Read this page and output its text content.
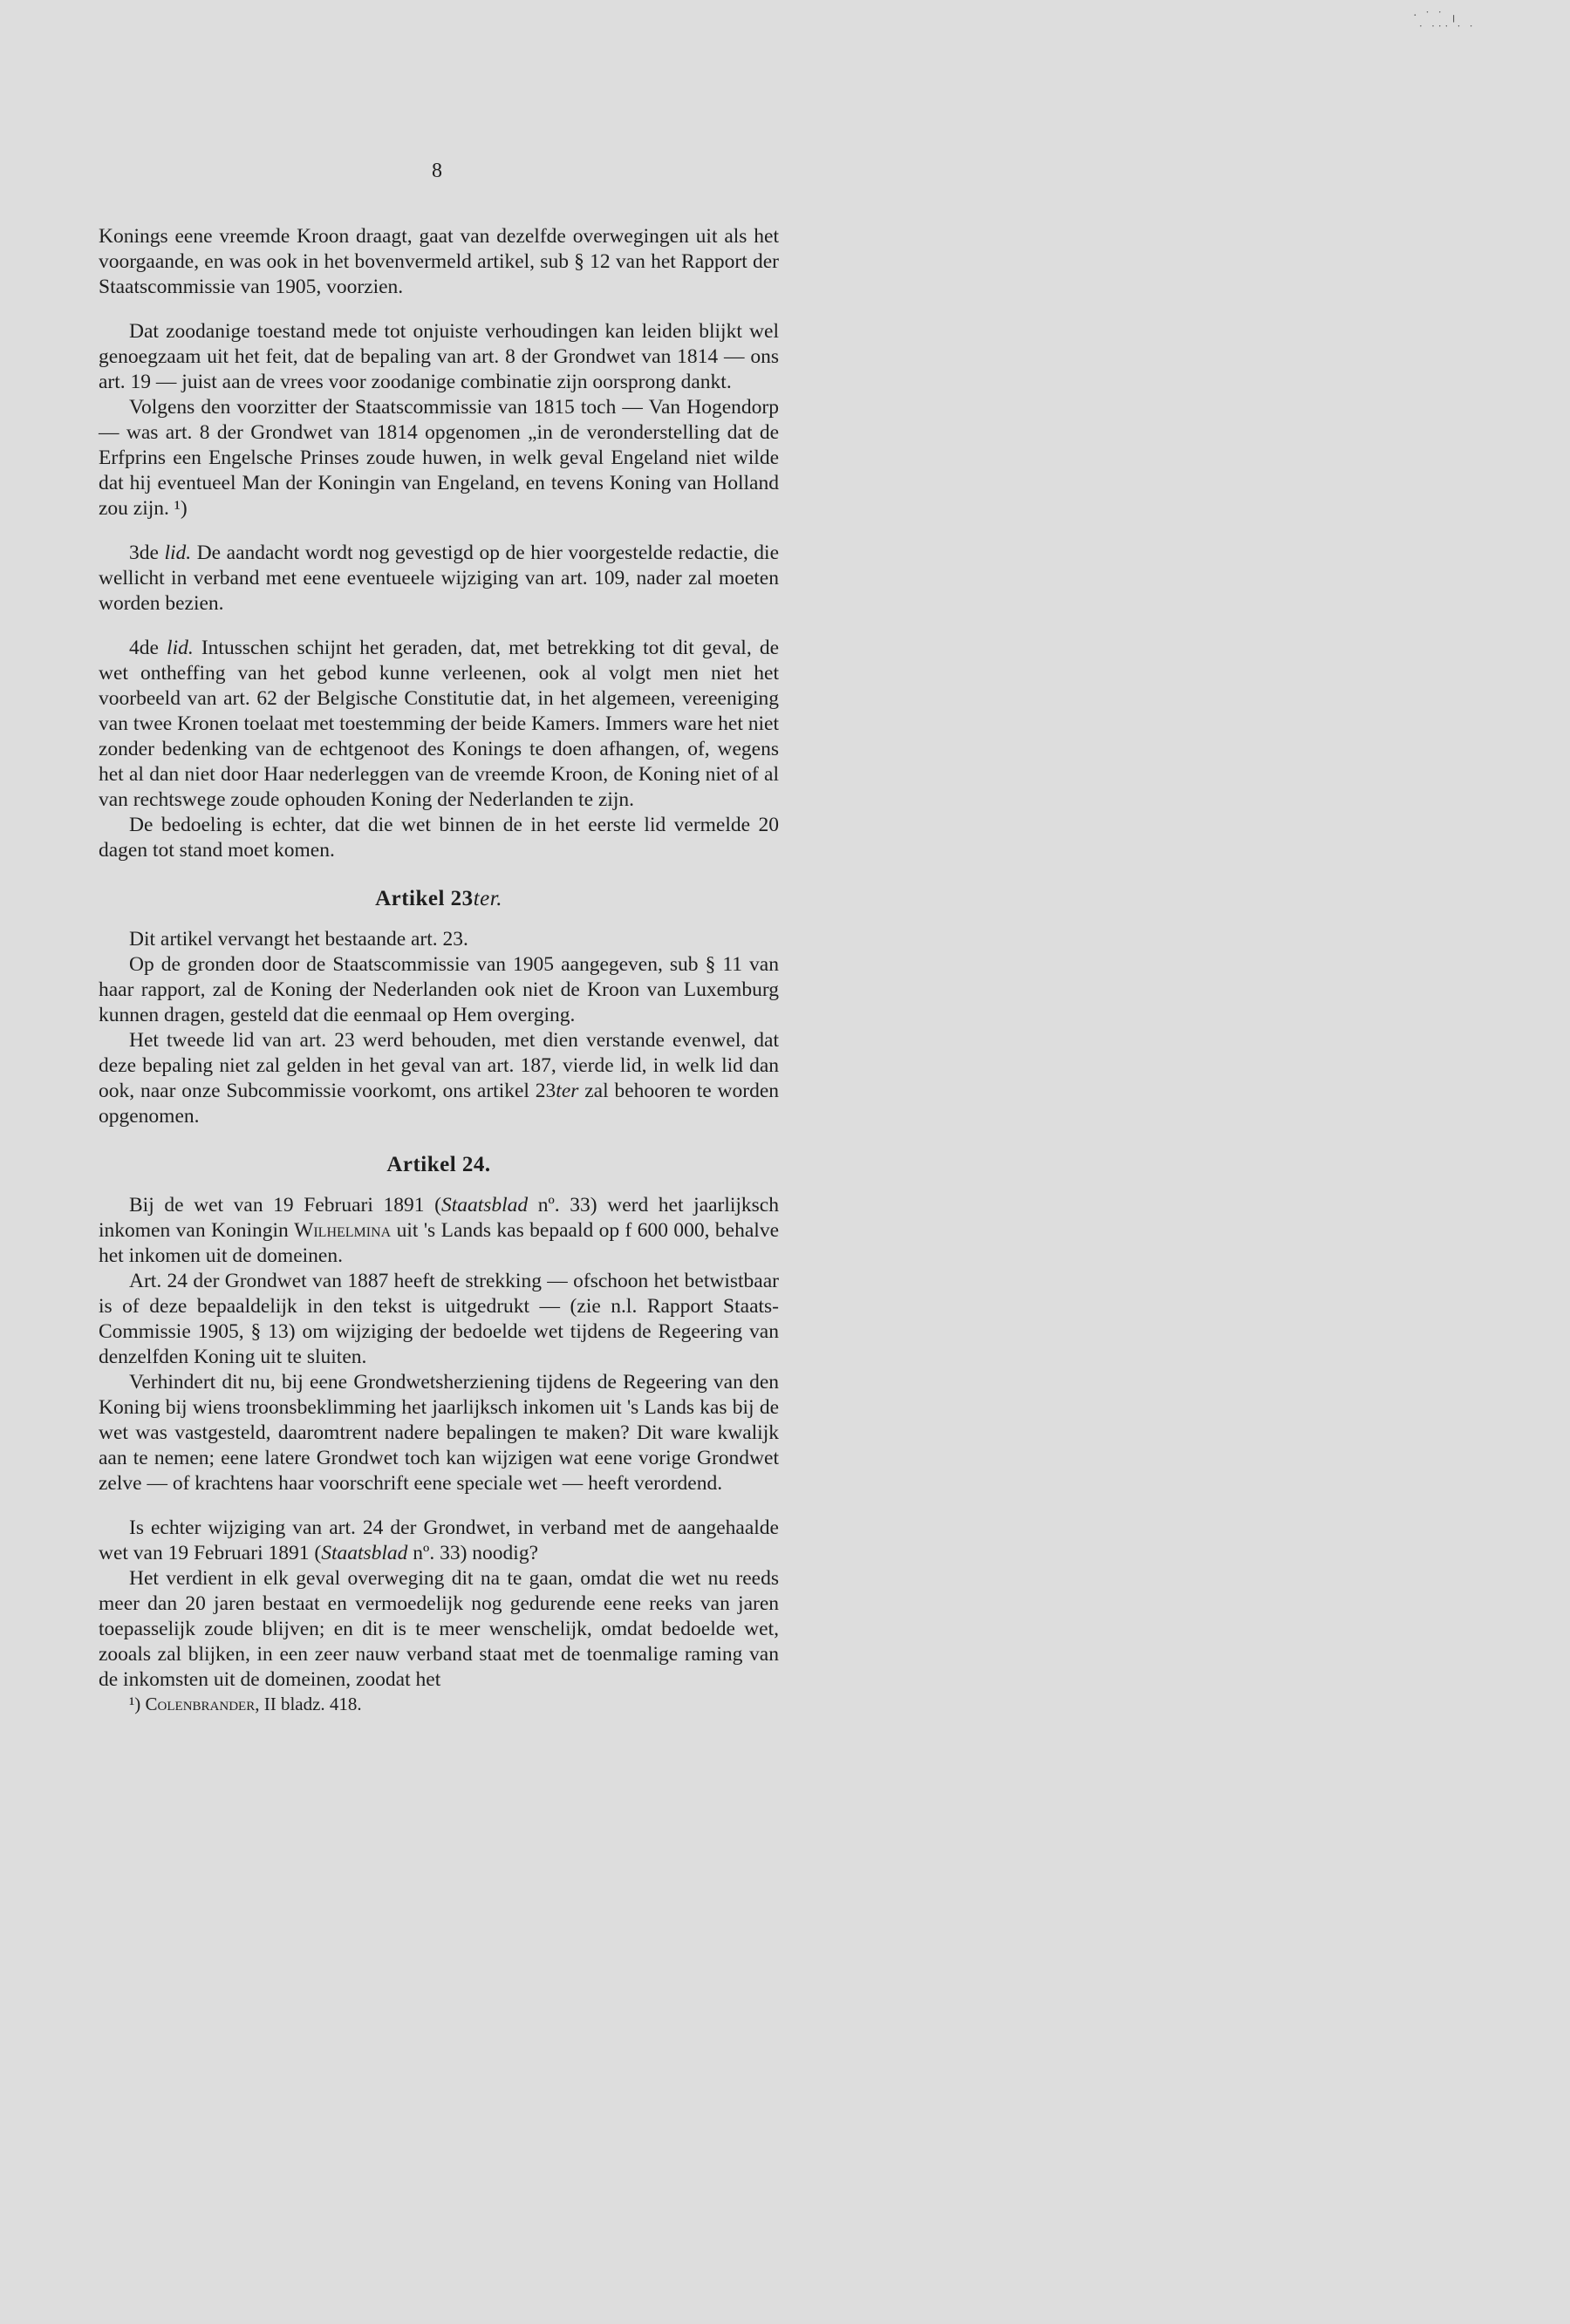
· ˙ ˙ ╷
˙ ˙˙˙ ˙ ˙
8

Konings eene vreemde Kroon draagt, gaat van dezelfde overwegingen uit als het voorgaande, en was ook in het bovenvermeld artikel, sub § 12 van het Rapport der Staatscommissie van 1905, voorzien.

Dat zoodanige toestand mede tot onjuiste verhoudingen kan leiden blijkt wel genoegzaam uit het feit, dat de bepaling van art. 8 der Grondwet van 1814 — ons art. 19 — juist aan de vrees voor zoodanige combinatie zijn oorsprong dankt.

Volgens den voorzitter der Staatscommissie van 1815 toch — Van Hogendorp — was art. 8 der Grondwet van 1814 opgenomen „in de veronderstelling dat de Erfprins een Engelsche Prinses zoude huwen, in welk geval Engeland niet wilde dat hij eventueel Man der Koningin van Engeland, en tevens Koning van Holland zou zijn. ¹)

3de lid. De aandacht wordt nog gevestigd op de hier voorgestelde redactie, die wellicht in verband met eene eventueele wijziging van art. 109, nader zal moeten worden bezien.

4de lid. Intusschen schijnt het geraden, dat, met betrekking tot dit geval, de wet ontheffing van het gebod kunne verleenen, ook al volgt men niet het voorbeeld van art. 62 der Belgische Constitutie dat, in het algemeen, vereeniging van twee Kronen toelaat met toestemming der beide Kamers. Immers ware het niet zonder bedenking van de echtgenoot des Konings te doen afhangen, of, wegens het al dan niet door Haar nederleggen van de vreemde Kroon, de Koning niet of al van rechtswege zoude ophouden Koning der Nederlanden te zijn.

De bedoeling is echter, dat die wet binnen de in het eerste lid vermelde 20 dagen tot stand moet komen.

Artikel 23ter.

Dit artikel vervangt het bestaande art. 23.

Op de gronden door de Staatscommissie van 1905 aangegeven, sub § 11 van haar rapport, zal de Koning der Nederlanden ook niet de Kroon van Luxemburg kunnen dragen, gesteld dat die eenmaal op Hem overging.

Het tweede lid van art. 23 werd behouden, met dien verstande evenwel, dat deze bepaling niet zal gelden in het geval van art. 187, vierde lid, in welk lid dan ook, naar onze Subcommissie voorkomt, ons artikel 23ter zal behooren te worden opgenomen.

Artikel 24.

Bij de wet van 19 Februari 1891 (Staatsblad nº. 33) werd het jaarlijksch inkomen van Koningin Wilhelmina uit 's Lands kas bepaald op f 600 000, behalve het inkomen uit de domeinen.

Art. 24 der Grondwet van 1887 heeft de strekking — ofschoon het betwistbaar is of deze bepaaldelijk in den tekst is uitgedrukt — (zie n.l. Rapport Staats-Commissie 1905, § 13) om wijziging der bedoelde wet tijdens de Regeering van denzelfden Koning uit te sluiten.

Verhindert dit nu, bij eene Grondwetsherziening tijdens de Regeering van den Koning bij wiens troonsbeklimming het jaarlijksch inkomen uit 's Lands kas bij de wet was vastgesteld, daaromtrent nadere bepalingen te maken? Dit ware kwalijk aan te nemen; eene latere Grondwet toch kan wijzigen wat eene vorige Grondwet zelve — of krachtens haar voorschrift eene speciale wet — heeft verordend.

Is echter wijziging van art. 24 der Grondwet, in verband met de aangehaalde wet van 19 Februari 1891 (Staatsblad nº. 33) noodig?

Het verdient in elk geval overweging dit na te gaan, omdat die wet nu reeds meer dan 20 jaren bestaat en vermoedelijk nog gedurende eene reeks van jaren toepasselijk zoude blijven; en dit is te meer wenschelijk, omdat bedoelde wet, zooals zal blijken, in een zeer nauw verband staat met de toenmalige raming van de inkomsten uit de domeinen, zoodat het

¹) Colenbrander, II bladz. 418.
